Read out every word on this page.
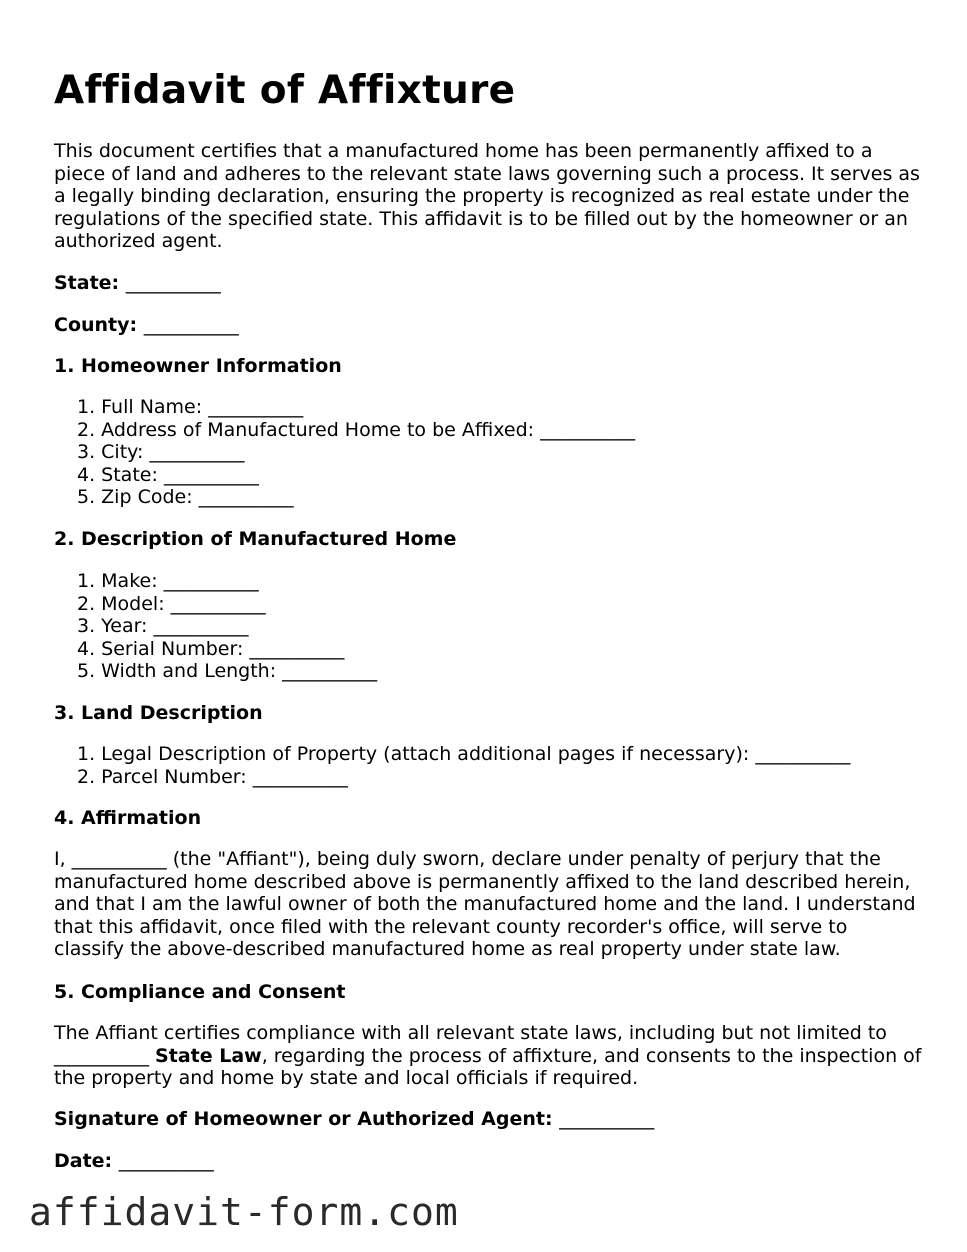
Affidavit of Affixture

This document certifies that a manufactured home has been permanently affixed to a piece of land and adheres to the relevant state laws governing such a process. It serves as a legally binding declaration, ensuring the property is recognized as real estate under the regulations of the specified state. This affidavit is to be filled out by the homeowner or an authorized agent.

State: __________

County: __________

1. Homeowner Information

1. Full Name: __________
2. Address of Manufactured Home to be Affixed: __________
3. City: __________
4. State: __________
5. Zip Code: __________

2. Description of Manufactured Home

1. Make: __________
2. Model: __________
3. Year: __________
4. Serial Number: __________
5. Width and Length: __________

3. Land Description

1. Legal Description of Property (attach additional pages if necessary): __________
2. Parcel Number: __________

4. Affirmation

I, __________ (the "Affiant"), being duly sworn, declare under penalty of perjury that the manufactured home described above is permanently affixed to the land described herein, and that I am the lawful owner of both the manufactured home and the land. I understand that this affidavit, once filed with the relevant county recorder's office, will serve to classify the above-described manufactured home as real property under state law.

5. Compliance and Consent

The Affiant certifies compliance with all relevant state laws, including but not limited to __________ State Law, regarding the process of affixture, and consents to the inspection of the property and home by state and local officials if required.

Signature of Homeowner or Authorized Agent: __________

Date: __________

affidavit-form.com
